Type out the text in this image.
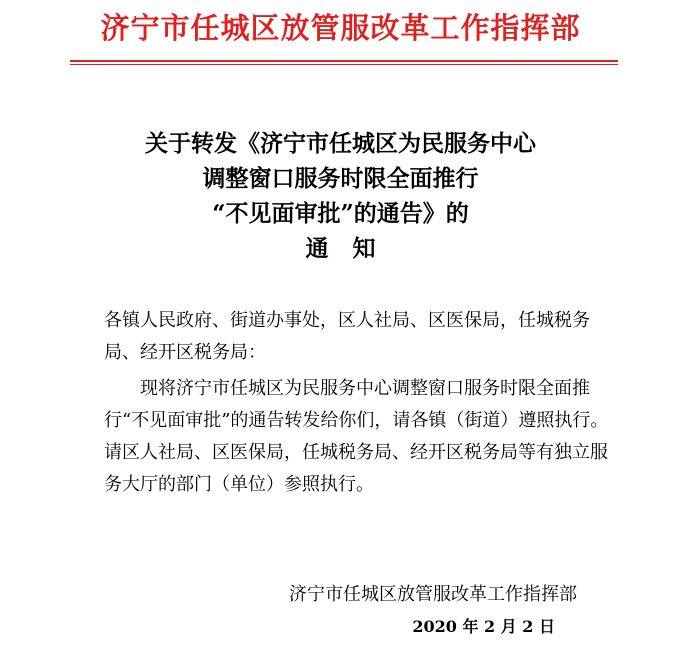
济宁市任城区放管服改革工作指挥部
关于转发《济宁市任城区为民服务中心
调整窗口服务时限全面推行
“不见面审批”的通告》的
通知
各镇人民政府、街道办事处，区人社局、区医保局，任城税务局、经开区税务局：
现将济宁市任城区为民服务中心调整窗口服务时限全面推行“不见面审批”的通告转发给你们，请各镇（街道）遵照执行。请区人社局、区医保局，任城税务局、经开区税务局等有独立服务大厅的部门（单位）参照执行。
济宁市任城区放管服改革工作指挥部
2020 年 2 月 2 日
